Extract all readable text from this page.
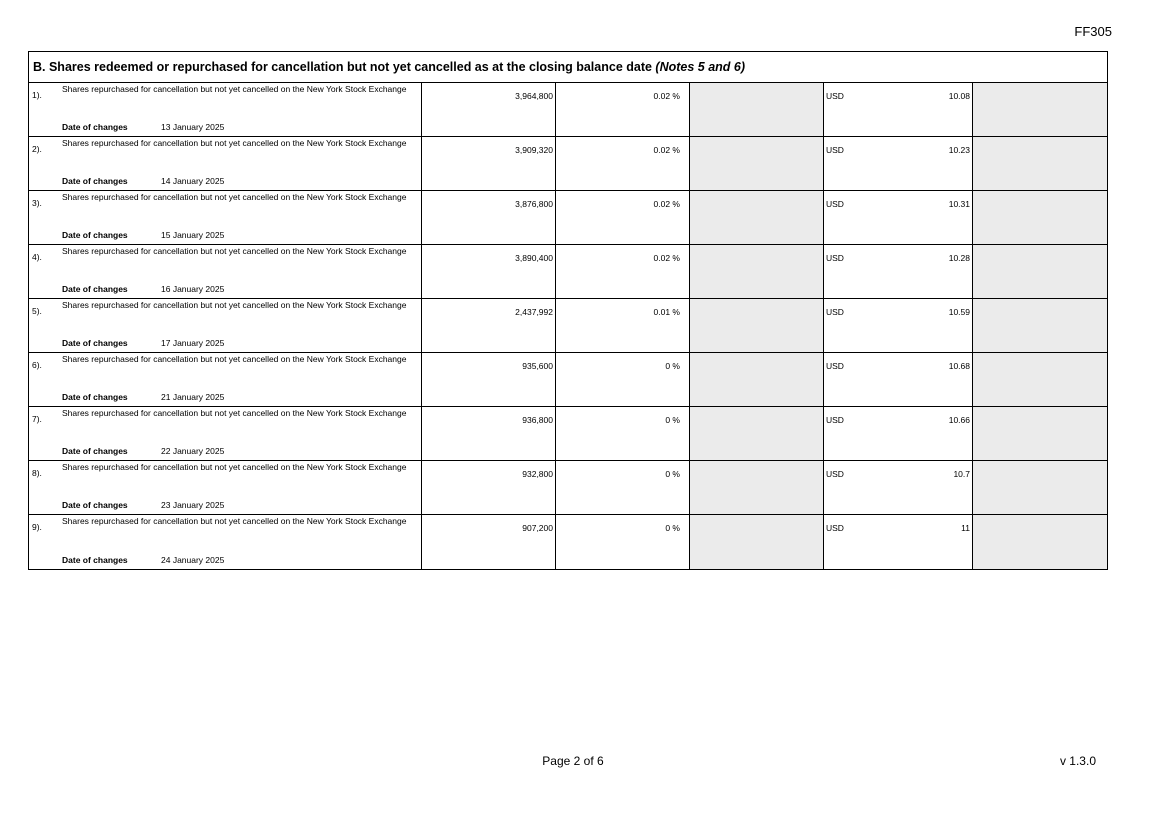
FF305
B. Shares redeemed or repurchased for cancellation but not yet cancelled as at the closing balance date (Notes 5 and 6)
1).
Shares repurchased for cancellation but not yet cancelled on the New York Stock Exchange
Date of changes	13 January 2025
3,964,800	0.02 %	USD	10.08
2).
Shares repurchased for cancellation but not yet cancelled on the New York Stock Exchange
Date of changes	14 January 2025
3,909,320	0.02 %	USD	10.23
3).
Shares repurchased for cancellation but not yet cancelled on the New York Stock Exchange
Date of changes	15 January 2025
3,876,800	0.02 %	USD	10.31
4).
Shares repurchased for cancellation but not yet cancelled on the New York Stock Exchange
Date of changes	16 January 2025
3,890,400	0.02 %	USD	10.28
5).
Shares repurchased for cancellation but not yet cancelled on the New York Stock Exchange
Date of changes	17 January 2025
2,437,992	0.01 %	USD	10.59
6).
Shares repurchased for cancellation but not yet cancelled on the New York Stock Exchange
Date of changes	21 January 2025
935,600	0 %	USD	10.68
7).
Shares repurchased for cancellation but not yet cancelled on the New York Stock Exchange
Date of changes	22 January 2025
936,800	0 %	USD	10.66
8).
Shares repurchased for cancellation but not yet cancelled on the New York Stock Exchange
Date of changes	23 January 2025
932,800	0 %	USD	10.7
9).
Shares repurchased for cancellation but not yet cancelled on the New York Stock Exchange
Date of changes	24 January 2025
907,200	0 %	USD	11
Page 2 of 6	v 1.3.0
